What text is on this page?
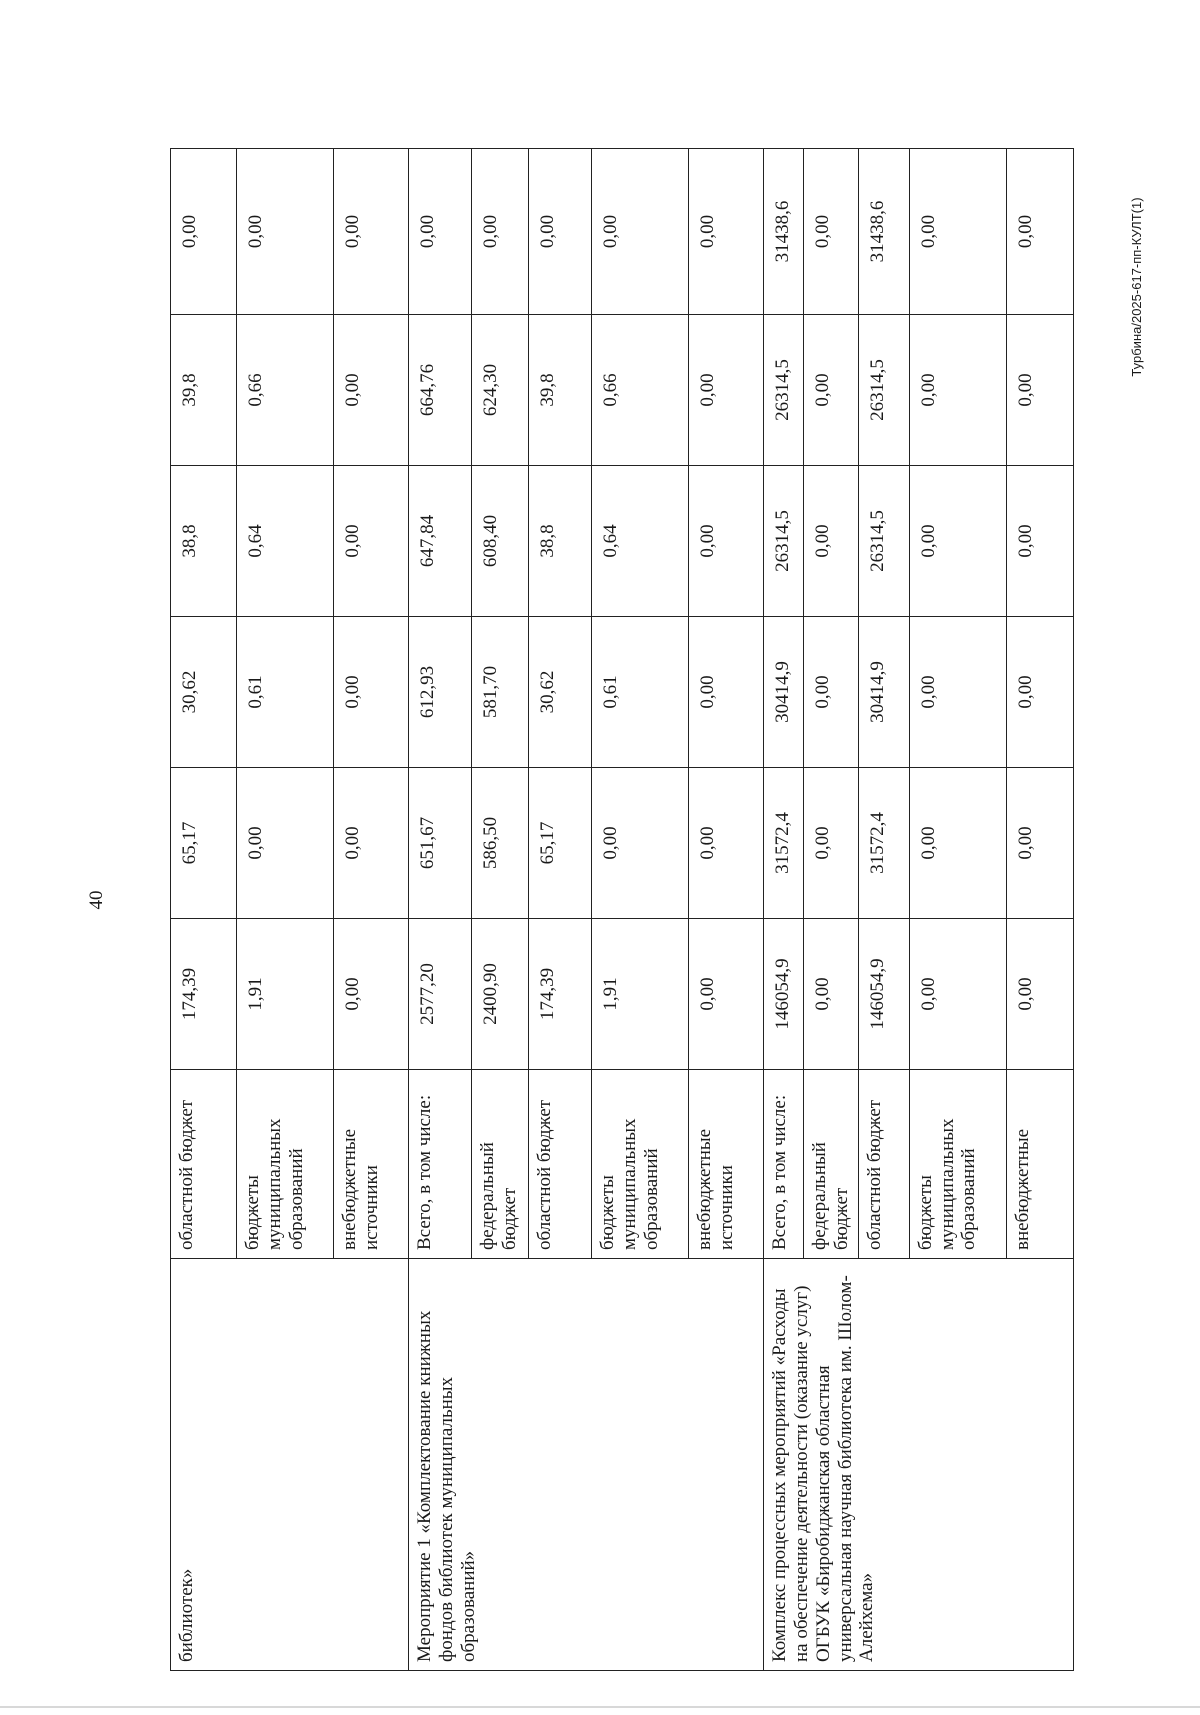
40
Турбина/2025-617-пп-КУЛТ(1)
библиотек»	областной бюджет	174,39	65,17	30,62	38,8	39,8	0,00
	бюджеты муниципальных образований	1,91	0,00	0,61	0,64	0,66	0,00
	внебюджетные источники	0,00	0,00	0,00	0,00	0,00	0,00
Мероприятие 1 «Комплектование книжных фондов библиотек муниципальных образований»	Всего, в том числе:	2577,20	651,67	612,93	647,84	664,76	0,00
	федеральный бюджет	2400,90	586,50	581,70	608,40	624,30	0,00
	областной бюджет	174,39	65,17	30,62	38,8	39,8	0,00
	бюджеты муниципальных образований	1,91	0,00	0,61	0,64	0,66	0,00
	внебюджетные источники	0,00	0,00	0,00	0,00	0,00	0,00
Комплекс процессных мероприятий «Расходы на обеспечение деятельности (оказание услуг) ОГБУК «Биробиджанская областная универсальная научная библиотека им. Шолом-Алейхема»	Всего, в том числе:	146054,9	31572,4	30414,9	26314,5	26314,5	31438,6
	федеральный бюджет	0,00	0,00	0,00	0,00	0,00	0,00
	областной бюджет	146054,9	31572,4	30414,9	26314,5	26314,5	31438,6
	бюджеты муниципальных образований	0,00	0,00	0,00	0,00	0,00	0,00
	внебюджетные	0,00	0,00	0,00	0,00	0,00	0,00
